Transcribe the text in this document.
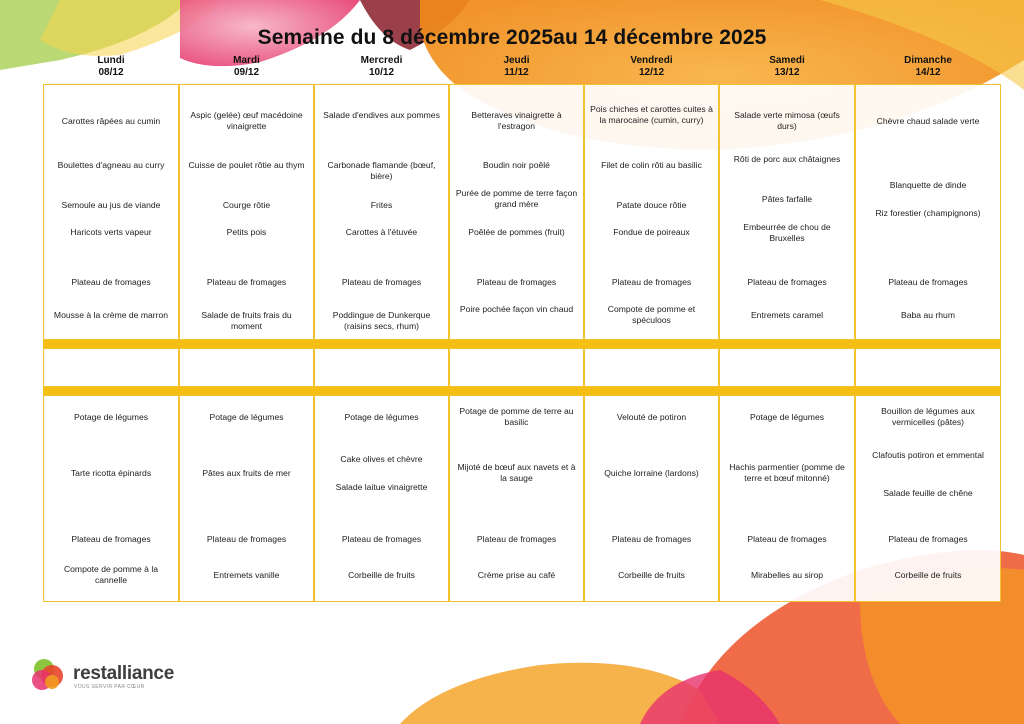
Semaine du 8 décembre 2025au 14 décembre 2025
Lundi
08/12
Mardi
09/12
Mercredi
10/12
Jeudi
11/12
Vendredi
12/12
Samedi
13/12
Dimanche
14/12
Carottes râpées au cumin
Boulettes d'agneau au curry
Semoule au jus de viande
Haricots verts vapeur
Plateau de fromages
Mousse à la crème de marron
Aspic (gelée) œuf macédoine vinaigrette
Cuisse de poulet rôtie au thym
Courge rôtie
Petits pois
Plateau de fromages
Salade de fruits frais du moment
Salade d'endives aux pommes
Carbonade flamande (bœuf, bière)
Frites
Carottes à l'étuvée
Plateau de fromages
Poddingue de Dunkerque (raisins secs, rhum)
Betteraves vinaigrette à l'estragon
Boudin noir poêlé
Purée de pomme de terre façon grand mère
Poêlée de pommes (fruit)
Plateau de fromages
Poire pochée façon vin chaud
Pois chiches et carottes cuites à la marocaine (cumin, curry)
Filet de colin rôti au basilic
Patate douce rôtie
Fondue de poireaux
Plateau de fromages
Compote de pomme et spéculoos
Salade verte mimosa (œufs durs)
Rôti de porc aux châtaignes
Pâtes farfalle
Embeurrée de chou de Bruxelles
Plateau de fromages
Entremets caramel
Chèvre chaud salade verte
Blanquette de dinde
Riz forestier (champignons)
Plateau de fromages
Baba au rhum
Potage de légumes
Tarte ricotta épinards
Plateau de fromages
Compote de pomme à la cannelle
Potage de légumes
Pâtes aux fruits de mer
Plateau de fromages
Entremets vanille
Potage de légumes
Cake olives et chèvre
Salade laitue vinaigrette
Plateau de fromages
Corbeille de fruits
Potage de pomme de terre au basilic
Mijoté de bœuf aux navets et à la sauge
Plateau de fromages
Crème prise au café
Velouté de potiron
Quiche lorraine (lardons)
Plateau de fromages
Corbeille de fruits
Potage de légumes
Hachis parmentier (pomme de terre et bœuf mitonné)
Plateau de fromages
Mirabelles au sirop
Bouillon de légumes aux vermicelles (pâtes)
Clafoutis potiron et emmental
Salade feuille de chêne
Plateau de fromages
Corbeille de fruits
restalliance
VOUS SERVIR PAR CŒUR
